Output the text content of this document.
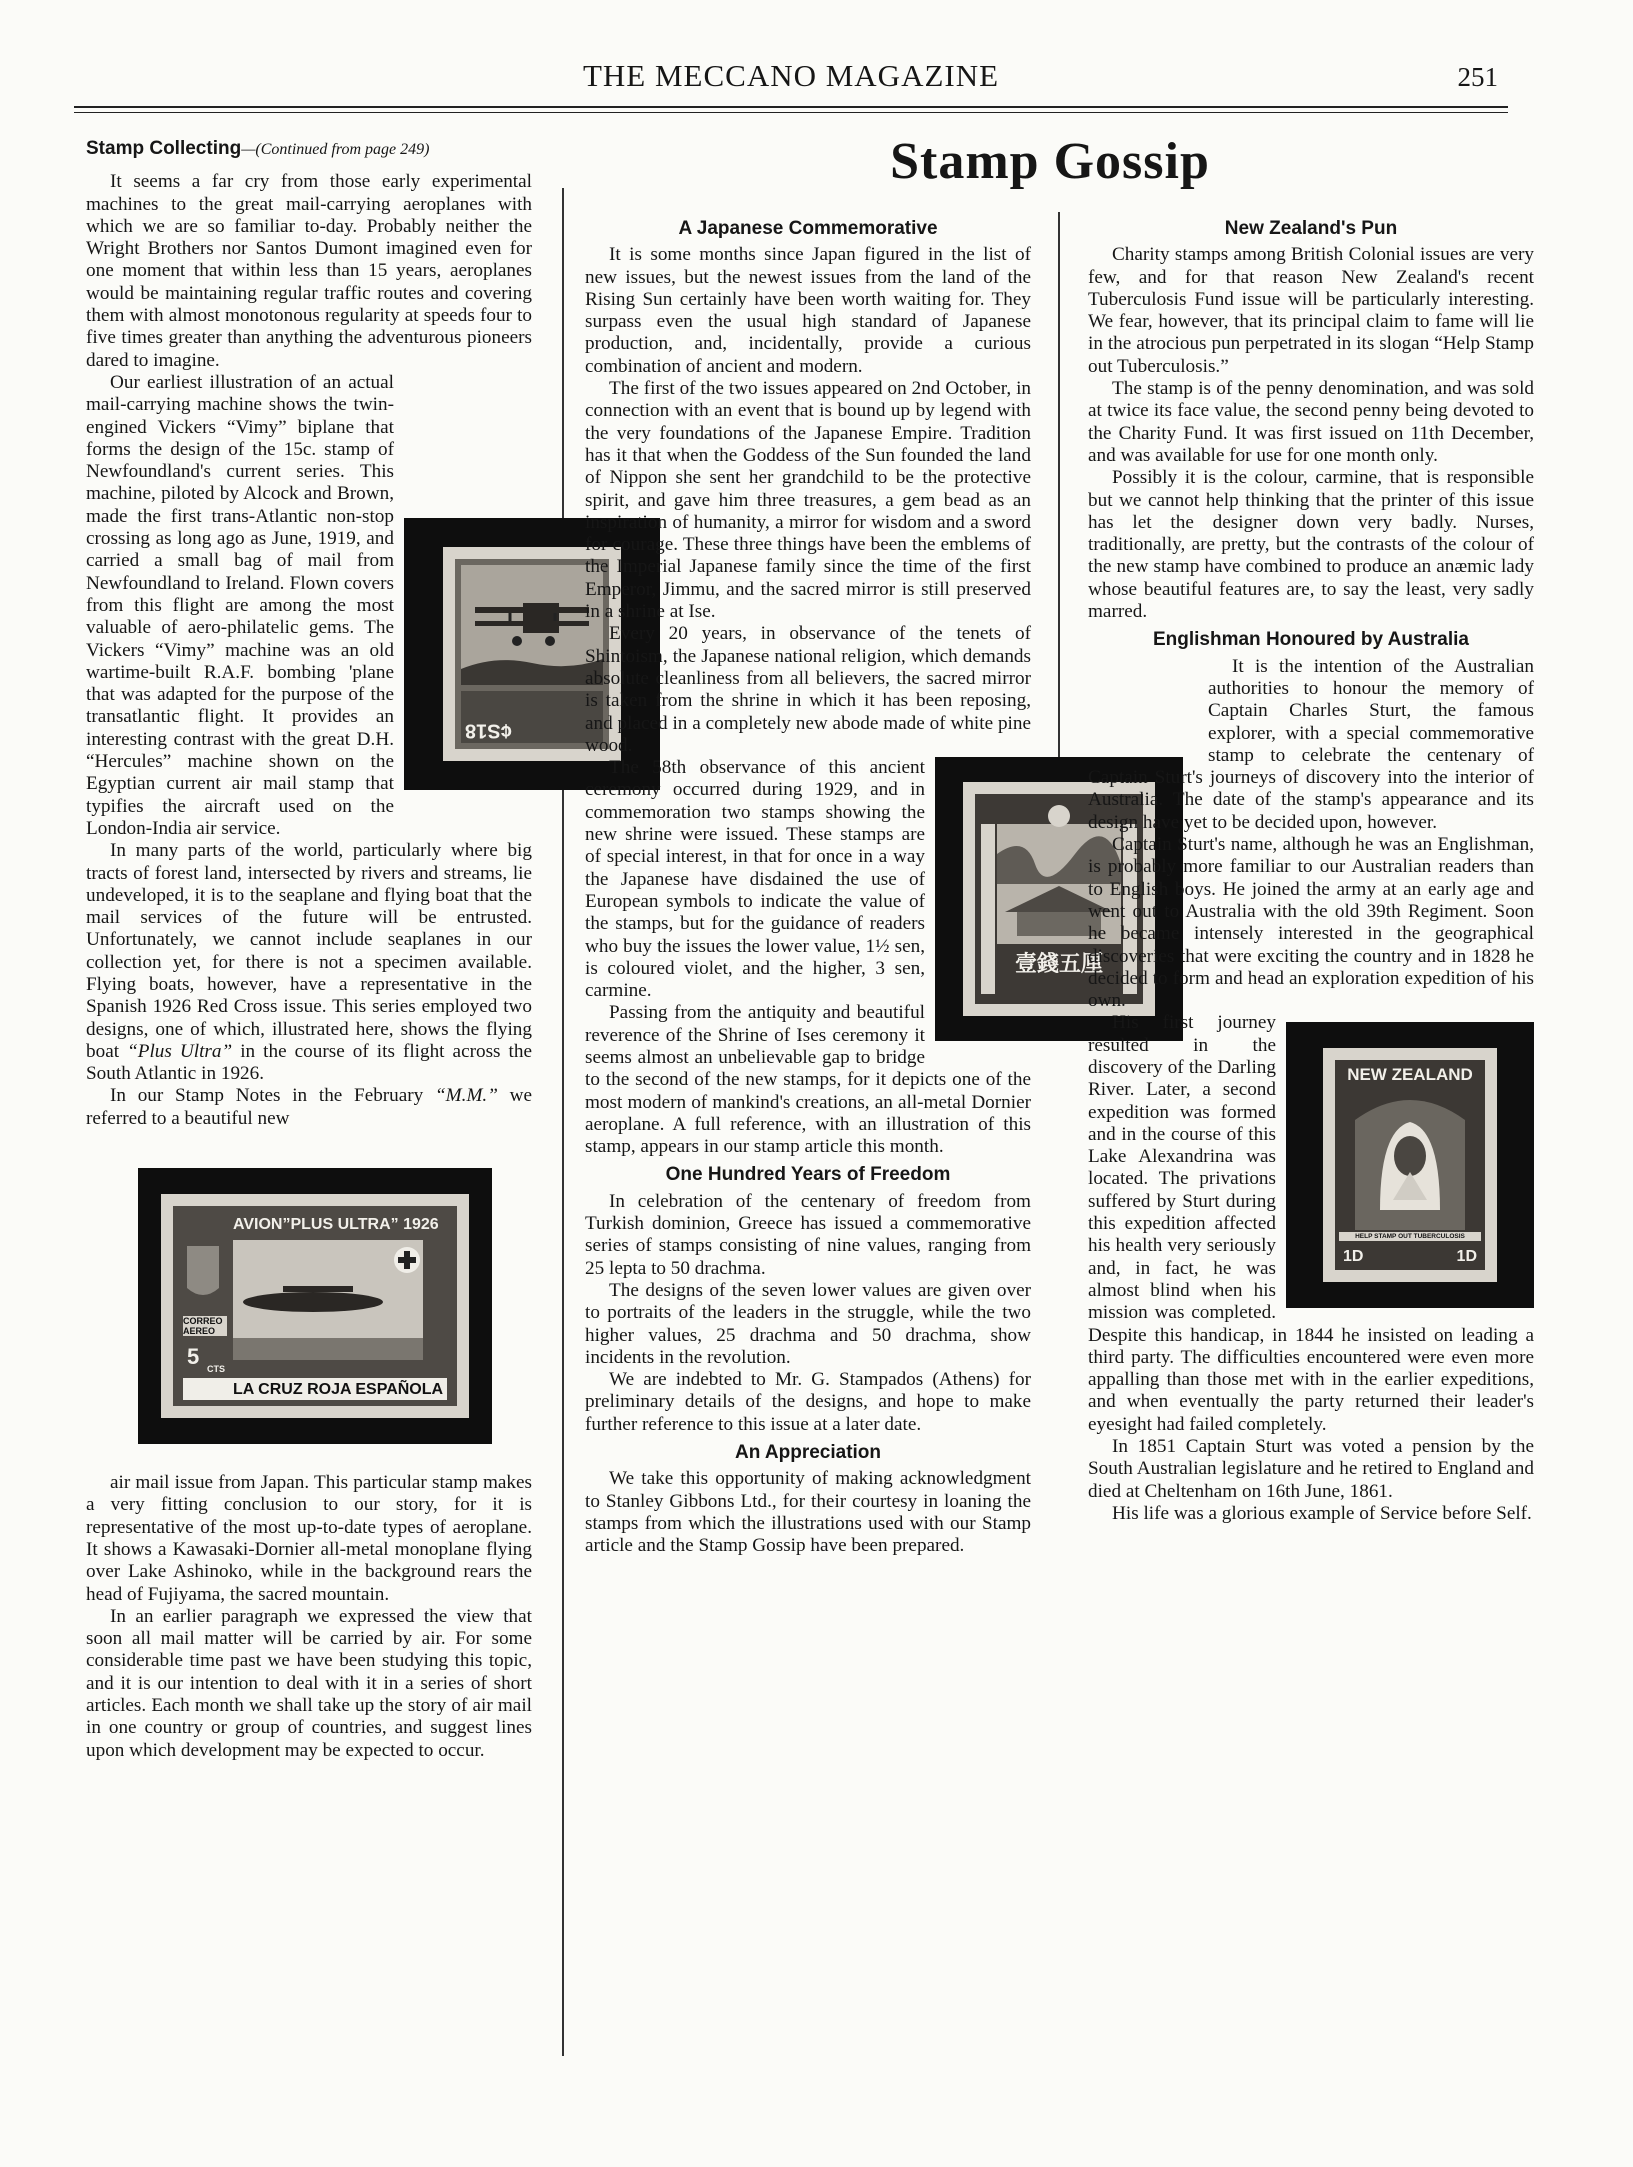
THE MECCANO MAGAZINE	251
Stamp Gossip

Stamp Collecting—(Continued from page 249)

It seems a far cry from those early experimental machines to the great mail-carrying aeroplanes with which we are so familiar to-day. Probably neither the Wright Brothers nor Santos Dumont imagined even for one moment that within less than 15 years, aeroplanes would be maintaining regular traffic routes and covering them with almost monotonous regularity at speeds four to five times greater than anything the adventurous pioneers dared to imagine.

¢S18

Our earliest illustration of an actual mail-carrying machine shows the twin-engined Vickers “Vimy” biplane that forms the design of the 15c. stamp of Newfoundland's current series. This machine, piloted by Alcock and Brown, made the first trans-Atlantic non-stop crossing as long ago as June, 1919, and carried a small bag of mail from Newfoundland to Ireland. Flown covers from this flight are among the most valuable of aero-philatelic gems. The Vickers “Vimy” machine was an old wartime-built R.A.F. bombing 'plane that was adapted for the purpose of the transatlantic flight. It provides an interesting contrast with the great D.H. “Hercules” machine shown on the Egyptian current air mail stamp that typifies the aircraft used on the London-India air service.

In many parts of the world, particularly where big tracts of forest land, intersected by rivers and streams, lie undeveloped, it is to the seaplane and flying boat that the mail services of the future will be entrusted. Unfortunately, we cannot include seaplanes in our collection yet, for there is not a specimen available. Flying boats, however, have a representative in the Spanish 1926 Red Cross issue. This series employed two designs, one of which, illustrated here, shows the flying boat “Plus Ultra” in the course of its flight across the South Atlantic in 1926.

In our Stamp Notes in the February “M.M.” we referred to a beautiful new

AVION”PLUS ULTRA” 1926
CORREO AEREO
5 CTS
LA CRUZ ROJA ESPAÑOLA

air mail issue from Japan. This particular stamp makes a very fitting conclusion to our story, for it is representative of the most up-to-date types of aeroplane. It shows a Kawasaki-Dornier all-metal monoplane flying over Lake Ashinoko, while in the background rears the head of Fujiyama, the sacred mountain.

In an earlier paragraph we expressed the view that soon all mail matter will be carried by air. For some considerable time past we have been studying this topic, and it is our intention to deal with it in a series of short articles. Each month we shall take up the story of air mail in one country or group of countries, and suggest lines upon which development may be expected to occur.

A Japanese Commemorative

It is some months since Japan figured in the list of new issues, but the newest issues from the land of the Rising Sun certainly have been worth waiting for. They surpass even the usual high standard of Japanese production, and, incidentally, provide a curious combination of ancient and modern.

The first of the two issues appeared on 2nd October, in connection with an event that is bound up by legend with the very foundations of the Japanese Empire. Tradition has it that when the Goddess of the Sun founded the land of Nippon she sent her grandchild to be the protective spirit, and gave him three treasures, a gem bead as an inspiration of humanity, a mirror for wisdom and a sword for courage. These three things have been the emblems of the Imperial Japanese family since the time of the first Emperor, Jimmu, and the sacred mirror is still preserved in a shrine at Ise.

Every 20 years, in observance of the tenets of Shintoism, the Japanese national religion, which demands absolute cleanliness from all believers, the sacred mirror is taken from the shrine in which it has been reposing, and placed in a completely new abode made of white pine wood.

壹錢五厘

The 58th observance of this ancient ceremony occurred during 1929, and in commemoration two stamps showing the new shrine were issued. These stamps are of special interest, in that for once in a way the Japanese have disdained the use of European symbols to indicate the value of the stamps, but for the guidance of readers who buy the issues the lower value, 1½ sen, is coloured violet, and the higher, 3 sen, carmine.

Passing from the antiquity and beautiful reverence of the Shrine of Ises ceremony it seems almost an unbelievable gap to bridge to the second of the new stamps, for it depicts one of the most modern of mankind's creations, an all-metal Dornier aeroplane. A full reference, with an illustration of this stamp, appears in our stamp article this month.

One Hundred Years of Freedom

In celebration of the centenary of freedom from Turkish dominion, Greece has issued a commemorative series of stamps consisting of nine values, ranging from 25 lepta to 50 drachma.

The designs of the seven lower values are given over to portraits of the leaders in the struggle, while the two higher values, 25 drachma and 50 drachma, show incidents in the revolution.

We are indebted to Mr. G. Stampados (Athens) for preliminary details of the designs, and hope to make further reference to this issue at a later date.

An Appreciation

We take this opportunity of making acknowledgment to Stanley Gibbons Ltd., for their courtesy in loaning the stamps from which the illustrations used with our Stamp article and the Stamp Gossip have been prepared.

New Zealand's Pun

Charity stamps among British Colonial issues are very few, and for that reason New Zealand's recent Tuberculosis Fund issue will be particularly interesting. We fear, however, that its principal claim to fame will lie in the atrocious pun perpetrated in its slogan “Help Stamp out Tuberculosis.”

The stamp is of the penny denomination, and was sold at twice its face value, the second penny being devoted to the Charity Fund. It was first issued on 11th December, and was available for use for one month only.

Possibly it is the colour, carmine, that is responsible but we cannot help thinking that the printer of this issue has let the designer down very badly. Nurses, traditionally, are pretty, but the contrasts of the colour of the new stamp have combined to produce an anæmic lady whose beautiful features are, to say the least, very sadly marred.

Englishman Honoured by Australia

It is the intention of the Australian authorities to honour the memory of Captain Charles Sturt, the famous explorer, with a special commemorative stamp to celebrate the centenary of Captain Sturt's journeys of discovery into the interior of Australia. The date of the stamp's appearance and its design have yet to be decided upon, however.

Captain Sturt's name, although he was an Englishman, is probably more familiar to our Australian readers than to English boys. He joined the army at an early age and went out to Australia with the old 39th Regiment. Soon he became intensely interested in the geographical discoveries that were exciting the country and in 1828 he decided to form and head an exploration expedition of his own.

NEW ZEALAND
HELP STAMP OUT TUBERCULOSIS
1D	1D

His first journey resulted in the discovery of the Darling River. Later, a second expedition was formed and in the course of this Lake Alexandrina was located. The privations suffered by Sturt during this expedition affected his health very seriously and, in fact, he was almost blind when his mission was completed. Despite this handicap, in 1844 he insisted on leading a third party. The difficulties encountered were even more appalling than those met with in the earlier expeditions, and when eventually the party returned their leader's eyesight had failed completely.

In 1851 Captain Sturt was voted a pension by the South Australian legislature and he retired to England and died at Cheltenham on 16th June, 1861.

His life was a glorious example of Service before Self.
